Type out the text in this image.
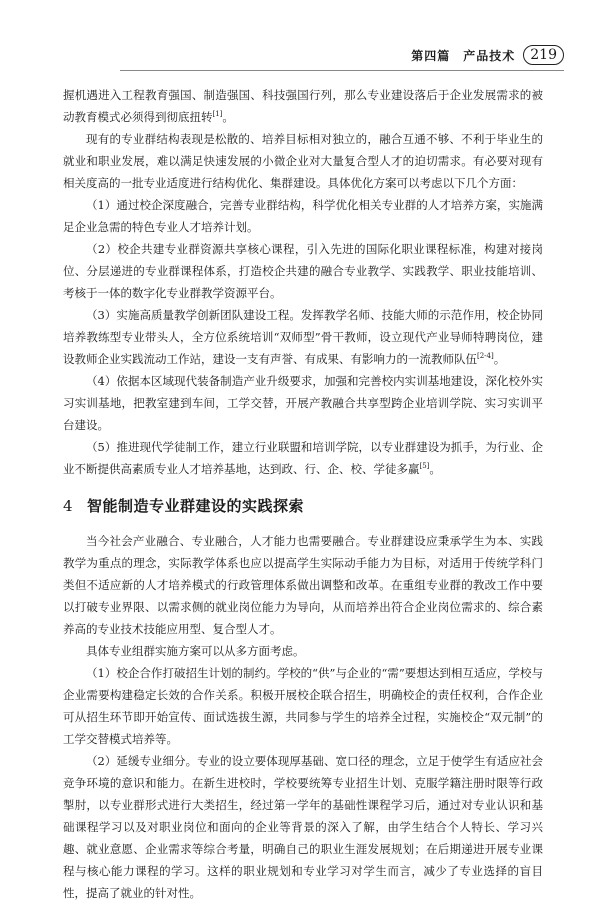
第四篇　产品技术	219

握机遇进入工程教育强国、制造强国、科技强国行列，那么专业建设落后于企业发展需求的被动教育模式必须得到彻底扭转[1]。

现有的专业群结构表现是松散的、培养目标相对独立的，融合互通不够、不利于毕业生的就业和职业发展，难以满足快速发展的小微企业对大量复合型人才的迫切需求。有必要对现有相关度高的一批专业适度进行结构优化、集群建设。具体优化方案可以考虑以下几个方面：

（1）通过校企深度融合，完善专业群结构，科学优化相关专业群的人才培养方案，实施满足企业急需的特色专业人才培养计划。

（2）校企共建专业群资源共享核心课程，引入先进的国际化职业课程标准，构建对接岗位、分层递进的专业群课程体系，打造校企共建的融合专业教学、实践教学、职业技能培训、考核于一体的数字化专业群教学资源平台。

（3）实施高质量教学创新团队建设工程。发挥教学名师、技能大师的示范作用，校企协同培养教练型专业带头人，全方位系统培训“双师型”骨干教师，设立现代产业导师特聘岗位，建设教师企业实践流动工作站，建设一支有声誉、有成果、有影响力的一流教师队伍[2-4]。

（4）依据本区域现代装备制造产业升级要求，加强和完善校内实训基地建设，深化校外实习实训基地，把教室建到车间，工学交替，开展产教融合共享型跨企业培训学院、实习实训平台建设。

（5）推进现代学徒制工作，建立行业联盟和培训学院，以专业群建设为抓手，为行业、企业不断提供高素质专业人才培养基地，达到政、行、企、校、学徒多赢[5]。

4 智能制造专业群建设的实践探索

当今社会产业融合、专业融合，人才能力也需要融合。专业群建设应秉承学生为本、实践教学为重点的理念，实际教学体系也应以提高学生实际动手能力为目标，对适用于传统学科门类但不适应新的人才培养模式的行政管理体系做出调整和改革。在重组专业群的教改工作中要以打破专业界限、以需求侧的就业岗位能力为导向，从而培养出符合企业岗位需求的、综合素养高的专业技术技能应用型、复合型人才。

具体专业组群实施方案可以从多方面考虑。

（1）校企合作打破招生计划的制约。学校的“供”与企业的“需”要想达到相互适应，学校与企业需要构建稳定长效的合作关系。积极开展校企联合招生，明确校企的责任权利，合作企业可从招生环节即开始宣传、面试选拔生源，共同参与学生的培养全过程，实施校企“双元制”的工学交替模式培养等。

（2）延缓专业细分。专业的设立要体现厚基础、宽口径的理念，立足于使学生有适应社会竞争环境的意识和能力。在新生进校时，学校要统筹专业招生计划、克服学籍注册时限等行政掣肘，以专业群形式进行大类招生，经过第一学年的基础性课程学习后，通过对专业认识和基础课程学习以及对职业岗位和面向的企业等背景的深入了解，由学生结合个人特长、学习兴趣、就业意愿、企业需求等综合考量，明确自己的职业生涯发展规划；在后期递进开展专业课程与核心能力课程的学习。这样的职业规划和专业学习对学生而言，减少了专业选择的盲目性，提高了就业的针对性。
